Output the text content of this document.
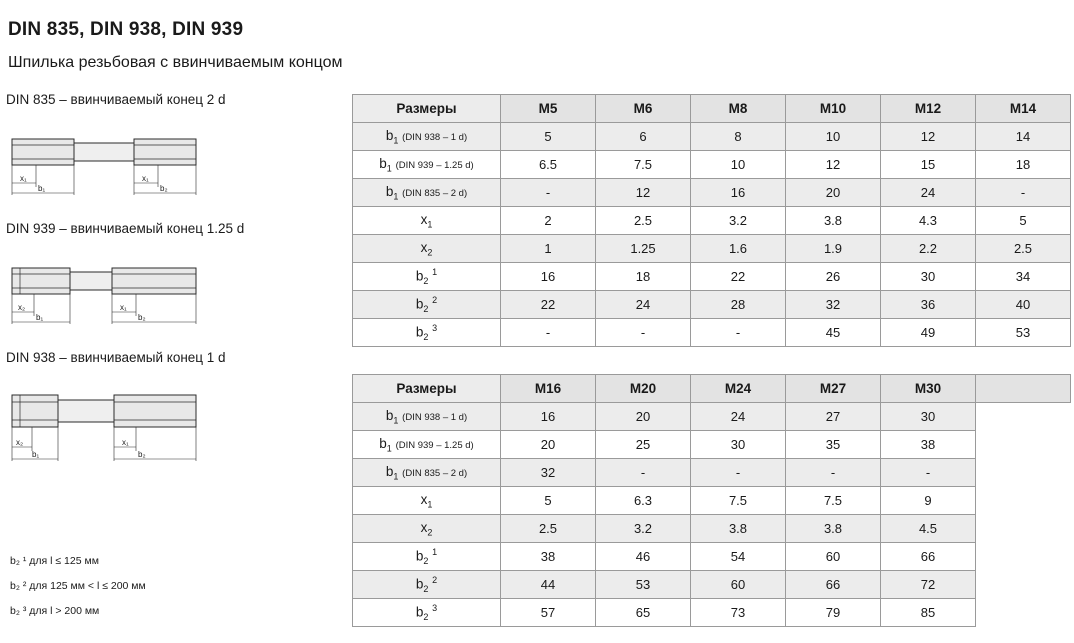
DIN 835, DIN 938, DIN 939
Шпилька резьбовая с ввинчиваемым концом
DIN 835 – ввинчиваемый конец 2 d
x₁
b₁
x₁
b₂
DIN 939 – ввинчиваемый конец 1.25 d
x₂
b₁
x₁
b₂
DIN 938 – ввинчиваемый конец 1 d
x₂
b₁
x₁
b₂
b₂ ¹ для l ≤ 125 мм
b₂ ² для 125 мм < l ≤ 200 мм
b₂ ³ для l > 200 мм
Размеры	M5	M6	M8	M10	M12	M14
$b_1$ (DIN 938 – 1 d)	5	6	8	10	12	14
$b_1$ (DIN 939 – 1.25 d)	6.5	7.5	10	12	15	18
$b_1$ (DIN 835 – 2 d)	-	12	16	20	24	-
$x_1$	2	2.5	3.2	3.8	4.3	5
$x_2$	1	1.25	1.6	1.9	2.2	2.5
$b_2$ $^1$	16	18	22	26	30	34
$b_2$ $^2$	22	24	28	32	36	40
$b_2$ $^3$	-	-	-	45	49	53
Размеры	M16	M20	M24	M27	M30	
$b_1$ (DIN 938 – 1 d)	16	20	24	27	30	
$b_1$ (DIN 939 – 1.25 d)	20	25	30	35	38	
$b_1$ (DIN 835 – 2 d)	32	-	-	-	-	
$x_1$	5	6.3	7.5	7.5	9	
$x_2$	2.5	3.2	3.8	3.8	4.5	
$b_2$ $^1$	38	46	54	60	66	
$b_2$ $^2$	44	53	60	66	72	
$b_2$ $^3$	57	65	73	79	85	
